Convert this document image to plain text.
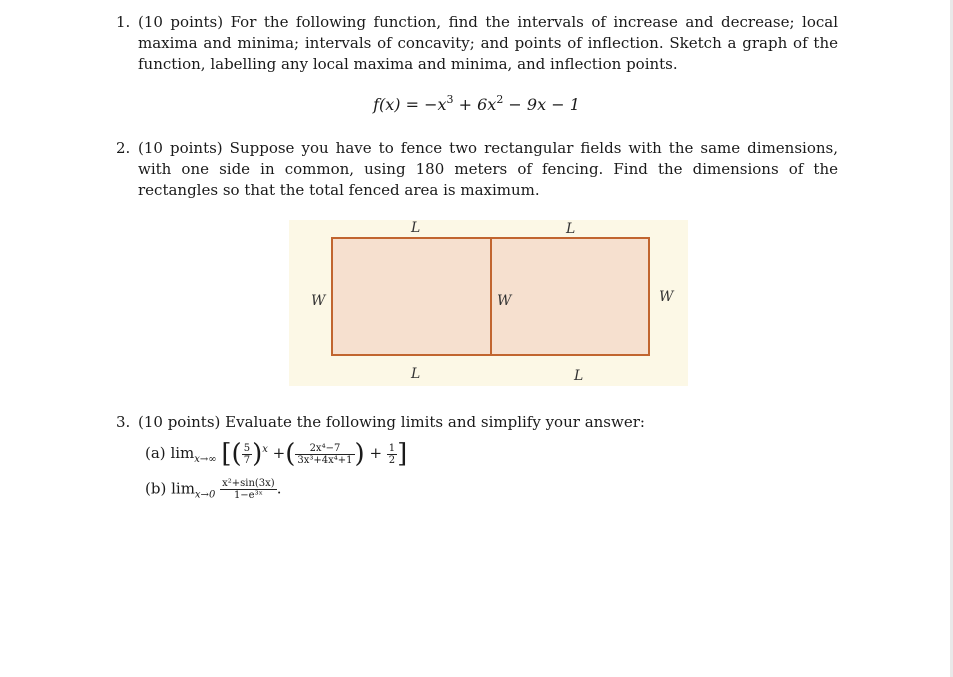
1. (10 points) For the following function, find the intervals of increase and decrease; local maxima and minima; intervals of concavity; and points of inflection. Sketch a graph of the function, labelling any local maxima and minima, and inflection points.
$f(x) = -x^3 + 6x^2 - 9x - 1$
2. (10 points) Suppose you have to fence two rectangular fields with the same dimensions, with one side in common, using 180 meters of fencing. Find the dimensions of the rectangles so that the total fenced area is maximum.
L	L
W	W	W
L	L
3. (10 points) Evaluate the following limits and simplify your answer:
(a) $\lim_{x\to\infty}$ [( $\frac{5}{7} )^x$ +( $\frac{\text{2x⁴−7}}{\text{3x³+4x⁴+1}}$ ) + $\frac{1}{2}$ ]
(b) $\lim_{x\to 0} \frac{\text{x²+sin(3x)}}{\text{1−e³ˣ}}$ .
